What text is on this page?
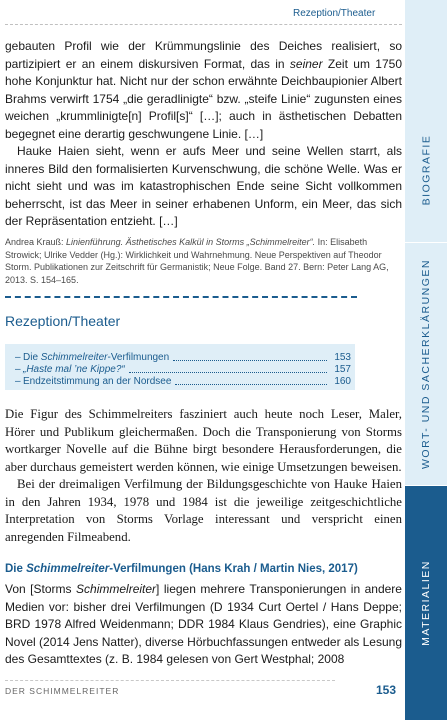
Rezeption/Theater

gebauten Profil wie der Krümmungslinie des Deiches realisiert, so partizipiert er an einem diskursiven Format, das in seiner Zeit um 1750 hohe Konjunktur hat. Nicht nur der schon erwähnte Deichbaupionier Albert Brahms verwirft 1754 „die geradlinigte“ bzw. „steife Linie“ zugunsten eines weichen „krummlinigte[n] Profil[s]“ […]; auch in ästhetischen Debatten begegnet eine derartig geschwungene Linie. […]

Hauke Haien sieht, wenn er aufs Meer und seine Wellen starrt, als inneres Bild den formalisierten Kurvenschwung, die schöne Welle. Was er nicht sieht und was im katastrophischen Ende seine Sicht vollkommen beherrscht, ist das Meer in seiner erhabenen Unform, ein Meer, das sich der Repräsentation entzieht. […]

Andrea Krauß: Linienführung. Ästhetisches Kalkül in Storms „Schimmelreiter“. In: Elisabeth Strowick; Ulrike Vedder (Hg.): Wirklichkeit und Wahrnehmung. Neue Perspektiven auf Theodor Storm. Publikationen zur Zeitschrift für Germanistik; Neue Folge. Band 27. Bern: Peter Lang AG, 2013. S. 154–165.
Rezeption/Theater
– Die Schimmelreiter-Verfilmungen	153
– „Haste mal ’ne Kippe?“	157
– Endzeitstimmung an der Nordsee	160

Die Figur des Schimmelreiters fasziniert auch heute noch Leser, Maler, Hörer und Publikum gleichermaßen. Doch die Transponierung von Storms wortkarger Novelle auf die Bühne birgt besondere Herausforderungen, die aber durchaus gemeistert werden können, wie einige Umsetzungen beweisen.

Bei der dreimaligen Verfilmung der Bildungsgeschichte von Hauke Haien in den Jahren 1934, 1978 und 1984 ist die jeweilige zeitgeschichtliche Interpretation von Storms Vorlage interessant und verspricht einen anregenden Filmeabend.

Die Schimmelreiter-Verfilmungen (Hans Krah / Martin Nies, 2017)

Von [Storms Schimmelreiter] liegen mehrere Transponierungen in andere Medien vor: bisher drei Verfilmungen (D 1934 Curt Oertel / Hans Deppe; BRD 1978 Alfred Weidenmann; DDR 1984 Klaus Gendries), eine Graphic Novel (2014 Jens Natter), diverse Hörbuchfassungen entweder als Lesung des Gesamttextes (z. B. 1984 gelesen von Gert Westphal; 2008

DER SCHIMMELREITER	153
BIOGRAFIE
WORT- UND SACHERKLÄRUNGEN
MATERIALIEN
